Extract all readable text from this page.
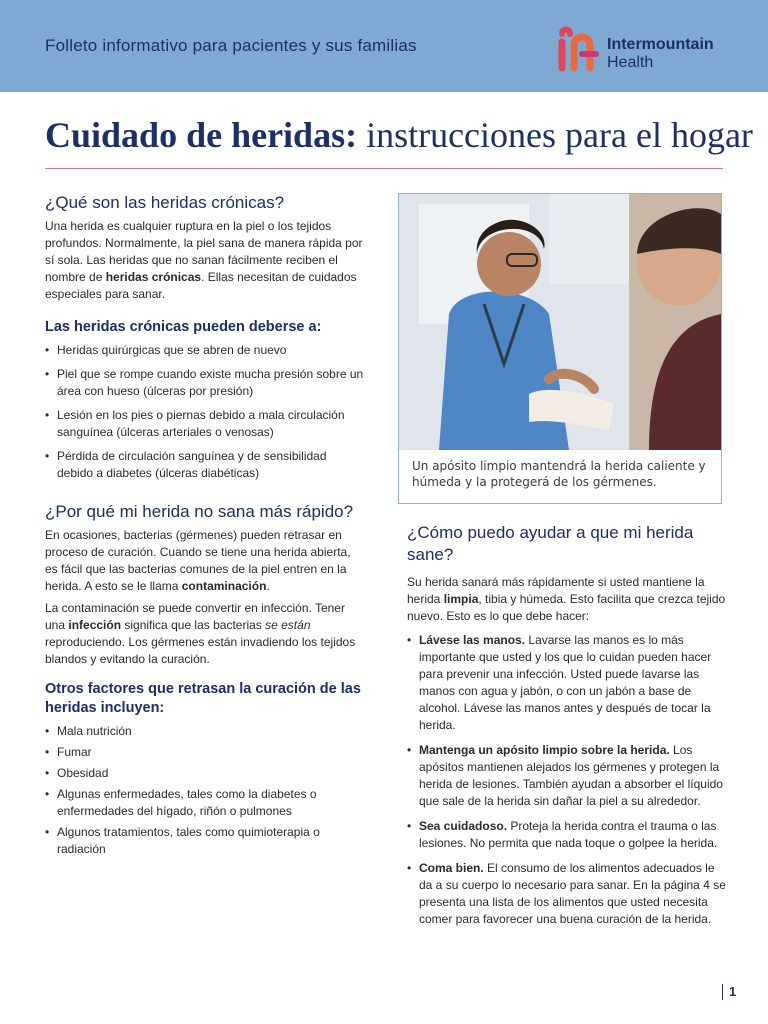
Folleto informativo para pacientes y sus familias	Intermountain
Health
Cuidado de heridas: instrucciones para el hogar
¿Qué son las heridas crónicas?

Una herida es cualquier ruptura en la piel o los tejidos profundos. Normalmente, la piel sana de manera rápida por sí sola. Las heridas que no sanan fácilmente reciben el nombre de heridas crónicas. Ellas necesitan de cuidados especiales para sanar.

Las heridas crónicas pueden deberse a:
• Heridas quirúrgicas que se abren de nuevo
• Piel que se rompe cuando existe mucha presión sobre un área con hueso (úlceras por presión)
• Lesión en los pies o piernas debido a mala circulación sanguínea (úlceras arteriales o venosas)
• Pérdida de circulación sanguínea y de sensibilidad debido a diabetes (úlceras diabéticas)
¿Por qué mi herida no sana más rápido?

En ocasiones, bacterias (gérmenes) pueden retrasar en proceso de curación. Cuando se tiene una herida abierta, es fácil que las bacterias comunes de la piel entren en la herida. A esto se le llama contaminación.

La contaminación se puede convertir en infección. Tener una infección significa que las bacterias se están reproduciendo. Los gérmenes están invadiendo los tejidos blandos y evitando la curación.

Otros factores que retrasan la curación de las heridas incluyen:
• Mala nutrición
• Fumar
• Obesidad
• Algunas enfermedades, tales como la diabetes o enfermedades del hígado, riñón o pulmones
• Algunos tratamientos, tales como quimioterapia o radiación
Un apósito limpio mantendrá la herida caliente y húmeda y la protegerá de los gérmenes.
¿Cómo puedo ayudar a que mi herida sane?

Su herida sanará más rápidamente si usted mantiene la herida limpia, tibia y húmeda. Esto facilita que crezca tejido nuevo. Esto es lo que debe hacer:

• Lávese las manos. Lavarse las manos es lo más importante que usted y los que lo cuidan pueden hacer para prevenir una infección. Usted puede lavarse las manos con agua y jabón, o con un jabón a base de alcohol. Lávese las manos antes y después de tocar la herida.
• Mantenga un apósito limpio sobre la herida. Los apósitos mantienen alejados los gérmenes y protegen la herida de lesiones. También ayudan a absorber el líquido que sale de la herida sin dañar la piel a su alrededor.
• Sea cuidadoso. Proteja la herida contra el trauma o las lesiones. No permita que nada toque o golpee la herida.
• Coma bien. El consumo de los alimentos adecuados le da a su cuerpo lo necesario para sanar. En la página 4 se presenta una lista de los alimentos que usted necesita comer para favorecer una buena curación de la herida.
1
